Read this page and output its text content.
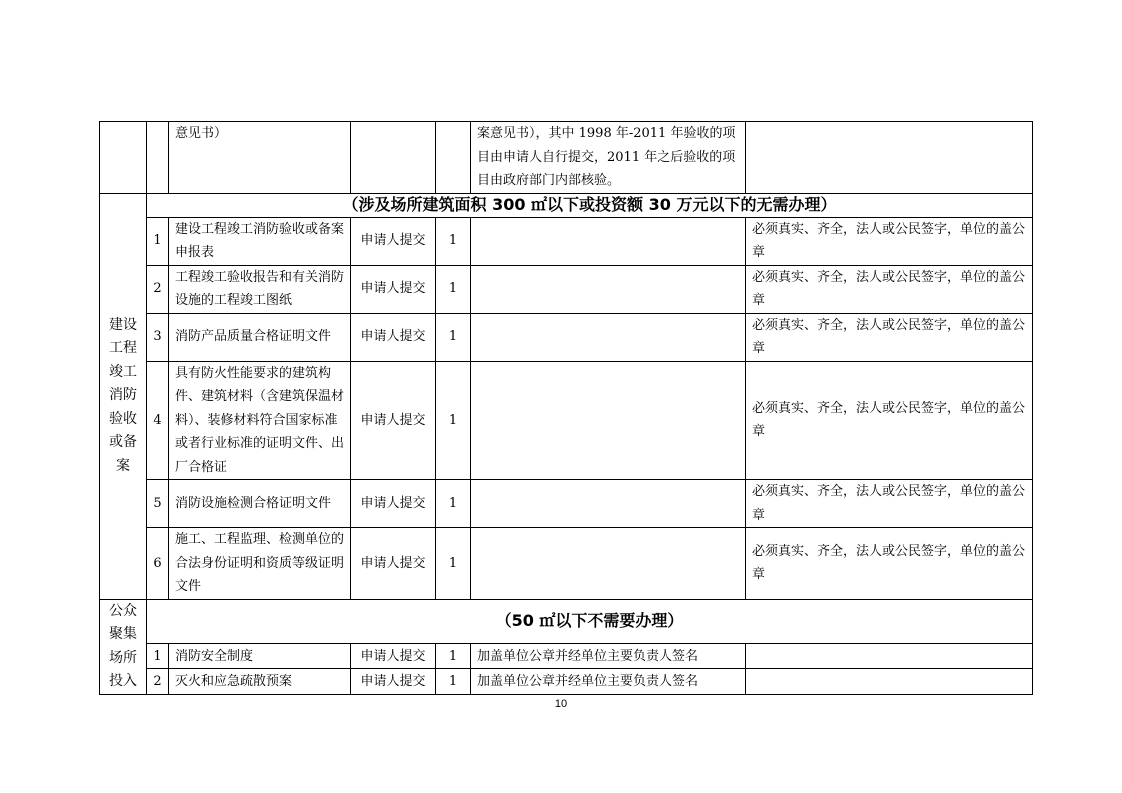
		意见书）			案意见书），其中 1998 年-2011 年验收的项目由申请人自行提交，2011 年之后验收的项目由政府部门内部核验。	
建设工程竣工消防验收或备案	（涉及场所建筑面积 300 ㎡以下或投资额 30 万元以下的无需办理）					
	1	建设工程竣工消防验收或备案申报表	申请人提交	1		必须真实、齐全，法人或公民签字，单位的盖公章
	2	工程竣工验收报告和有关消防设施的工程竣工图纸	申请人提交	1		必须真实、齐全，法人或公民签字，单位的盖公章
	3	消防产品质量合格证明文件	申请人提交	1		必须真实、齐全，法人或公民签字，单位的盖公章
	4	具有防火性能要求的建筑构件、建筑材料（含建筑保温材料）、装修材料符合国家标准或者行业标准的证明文件、出厂合格证	申请人提交	1		必须真实、齐全，法人或公民签字，单位的盖公章
	5	消防设施检测合格证明文件	申请人提交	1		必须真实、齐全，法人或公民签字，单位的盖公章
	6	施工、工程监理、检测单位的合法身份证明和资质等级证明文件	申请人提交	1		必须真实、齐全，法人或公民签字，单位的盖公章
公众聚集场所投入	（50 ㎡以下不需要办理）					
	1	消防安全制度	申请人提交	1	加盖单位公章并经单位主要负责人签名	
	2	灭火和应急疏散预案	申请人提交	1	加盖单位公章并经单位主要负责人签名	
10
